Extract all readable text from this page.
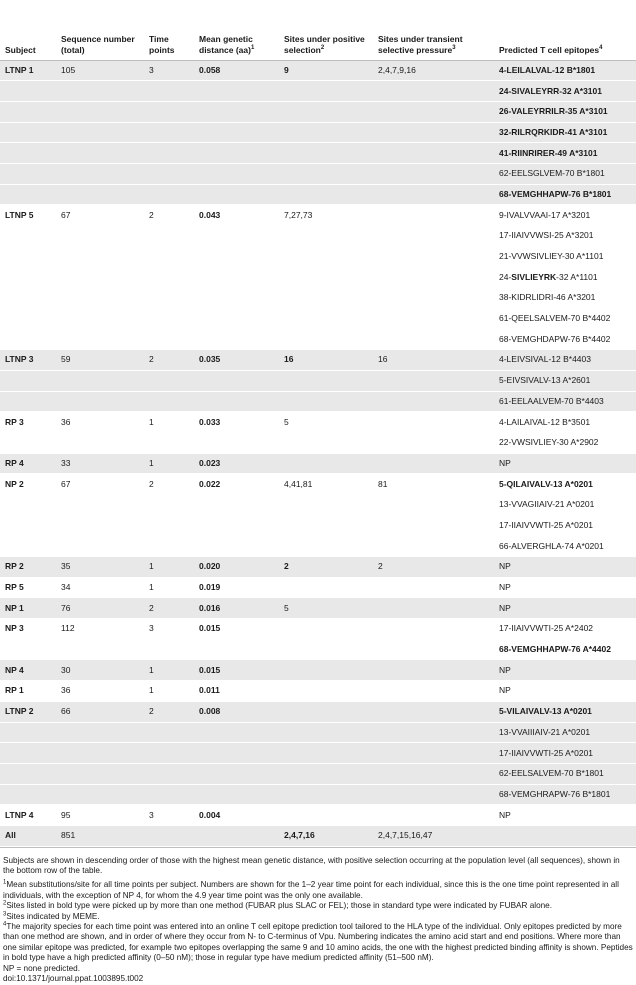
Subject	Sequence number (total)	Time points	Mean genetic distance (aa)$^1$	Sites under positive selection$^2$	Sites under transient selective pressure$^3$	Predicted T cell epitopes$^4$
LTNP 1	105	3	0.058	9	2,4,7,9,16	4-LEILALVAL-12 B*1801
						24-SIVALEYRR-32 A*3101
						26-VALEYRRILR-35 A*3101
						32-RILRQRKIDR-41 A*3101
						41-RIINRIRER-49 A*3101
						62-EELSGLVEM-70 B*1801
						68-VEMGHHAPW-76 B*1801
LTNP 5	67	2	0.043	7,27,73		9-IVALVVAAI-17 A*3201
						17-IIAIVVWSI-25 A*3201
						21-VVWSIVLIEY-30 A*1101
						24-SIVLIEYRK-32 A*1101
						38-KIDRLIDRI-46 A*3201
						61-QEELSALVEM-70 B*4402
						68-VEMGHDAPW-76 B*4402
LTNP 3	59	2	0.035	16	16	4-LEIVSIVAL-12 B*4403
						5-EIVSIVALV-13 A*2601
						61-EELAALVEM-70 B*4403
RP 3	36	1	0.033	5		4-LAILAIVAL-12 B*3501
						22-VWSIVLIEY-30 A*2902
RP 4	33	1	0.023			NP
NP 2	67	2	0.022	4,41,81	81	5-QILAIVALV-13 A*0201
						13-VVAGIIAIV-21 A*0201
						17-IIAIVVWTI-25 A*0201
						66-ALVERGHLA-74 A*0201
RP 2	35	1	0.020	2	2	NP
RP 5	34	1	0.019			NP
NP 1	76	2	0.016	5		NP
NP 3	112	3	0.015			17-IIAIVVWTI-25 A*2402
						68-VEMGHHAPW-76 A*4402
NP 4	30	1	0.015			NP
RP 1	36	1	0.011			NP
LTNP 2	66	2	0.008			5-VILAIVALV-13 A*0201
						13-VVAIIIAIV-21 A*0201
						17-IIAIVVWTI-25 A*0201
						62-EELSALVEM-70 B*1801
						68-VEMGHRAPW-76 B*1801
LTNP 4	95	3	0.004			NP
All	851			2,4,7,16	2,4,7,15,16,47	

Subjects are shown in descending order of those with the highest mean genetic distance, with positive selection occurring at the population level (all sequences), shown in the bottom row of the table.

$^1$Mean substitutions/site for all time points per subject. Numbers are shown for the 1–2 year time point for each individual, since this is the one time point represented in all individuals, with the exception of NP 4, for whom the 4.9 year time point was the only one available.

$^2$Sites listed in bold type were picked up by more than one method (FUBAR plus SLAC or FEL); those in standard type were indicated by FUBAR alone.

$^3$Sites indicated by MEME.

$^4$The majority species for each time point was entered into an online T cell epitope prediction tool tailored to the HLA type of the individual. Only epitopes predicted by more than one method are shown, and in order of where they occur from N- to C-terminus of Vpu. Numbering indicates the amino acid start and end positions. Where more than one similar epitope was predicted, for example two epitopes overlapping the same 9 and 10 amino acids, the one with the highest predicted binding affinity is shown. Peptides in bold type have a high predicted affinity (0–50 nM); those in regular type have medium predicted affinity (51–500 nM).

NP = none predicted.

doi:10.1371/journal.ppat.1003895.t002
